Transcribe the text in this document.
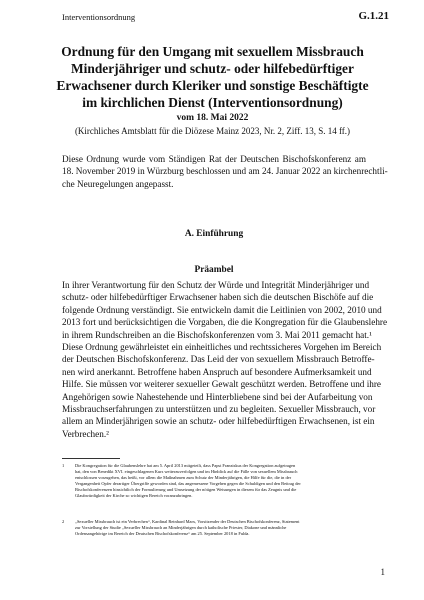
Interventionsordnung	G.1.21
Ordnung für den Umgang mit sexuellem Missbrauch
Minderjähriger und schutz- oder hilfebedürftiger
Erwachsener durch Kleriker und sonstige Beschäftigte
im kirchlichen Dienst (Interventionsordnung)
vom 18. Mai 2022
(Kirchliches Amtsblatt für die Diözese Mainz 2023, Nr. 2, Ziff. 13, S. 14 ff.)
Diese Ordnung wurde vom Ständigen Rat der Deutschen Bischofskonferenz am
18. November 2019 in Würzburg beschlossen und am 24. Januar 2022 an kirchenrechtli-
che Neuregelungen angepasst.
A. Einführung
Präambel
In ihrer Verantwortung für den Schutz der Würde und Integrität Minderjähriger und
schutz- oder hilfebedürftiger Erwachsener haben sich die deutschen Bischöfe auf die
folgende Ordnung verständigt. Sie entwickeln damit die Leitlinien von 2002, 2010 und
2013 fort und berücksichtigen die Vorgaben, die die Kongregation für die Glaubenslehre
in ihrem Rundschreiben an die Bischofskonferenzen vom 3. Mai 2011 gemacht hat.¹
Diese Ordnung gewährleistet ein einheitliches und rechtssicheres Vorgehen im Bereich
der Deutschen Bischofskonferenz. Das Leid der von sexuellem Missbrauch Betroffe-
nen wird anerkannt. Betroffene haben Anspruch auf besondere Aufmerksamkeit und
Hilfe. Sie müssen vor weiterer sexueller Gewalt geschützt werden. Betroffene und ihre
Angehörigen sowie Nahestehende und Hinterbliebene sind bei der Aufarbeitung von
Missbrauchserfahrungen zu unterstützen und zu begleiten. Sexueller Missbrauch, vor
allem an Minderjährigen sowie an schutz- oder hilfebedürftigen Erwachsenen, ist ein
Verbrechen.²
1 Die Kongregation für die Glaubenslehre hat am 5. April 2013 mitgeteilt, dass Papst Franziskus der Kongregation aufgetragen
hat, den von Benedikt XVI. eingeschlagenen Kurs weiterzuverfolgen und im Hinblick auf die Fälle von sexuellem Missbrauch
entschlossen vorzugehen, das heißt, vor allem die Maßnahmen zum Schutz der Minderjährigen, die Hilfe für die, die in der
Vergangenheit Opfer derartiger Übergriffe geworden sind, das angemessene Vorgehen gegen die Schuldigen und den Beitrag der
Bischofskonferenzen hinsichtlich der Formulierung und Umsetzung der nötigen Weisungen in diesem für das Zeugnis und die
Glaubwürdigkeit der Kirche so wichtigen Bereich voranzubringen.
2 „Sexueller Missbrauch ist ein Verbrechen“, Kardinal Reinhard Marx, Vorsitzender der Deutschen Bischofskonferenz, Statement
zur Vorstellung der Studie „Sexueller Missbrauch an Minderjährigen durch katholische Priester, Diakone und männliche
Ordensangehörige im Bereich der Deutschen Bischofskonferenz“ am 25. September 2018 in Fulda.
1
